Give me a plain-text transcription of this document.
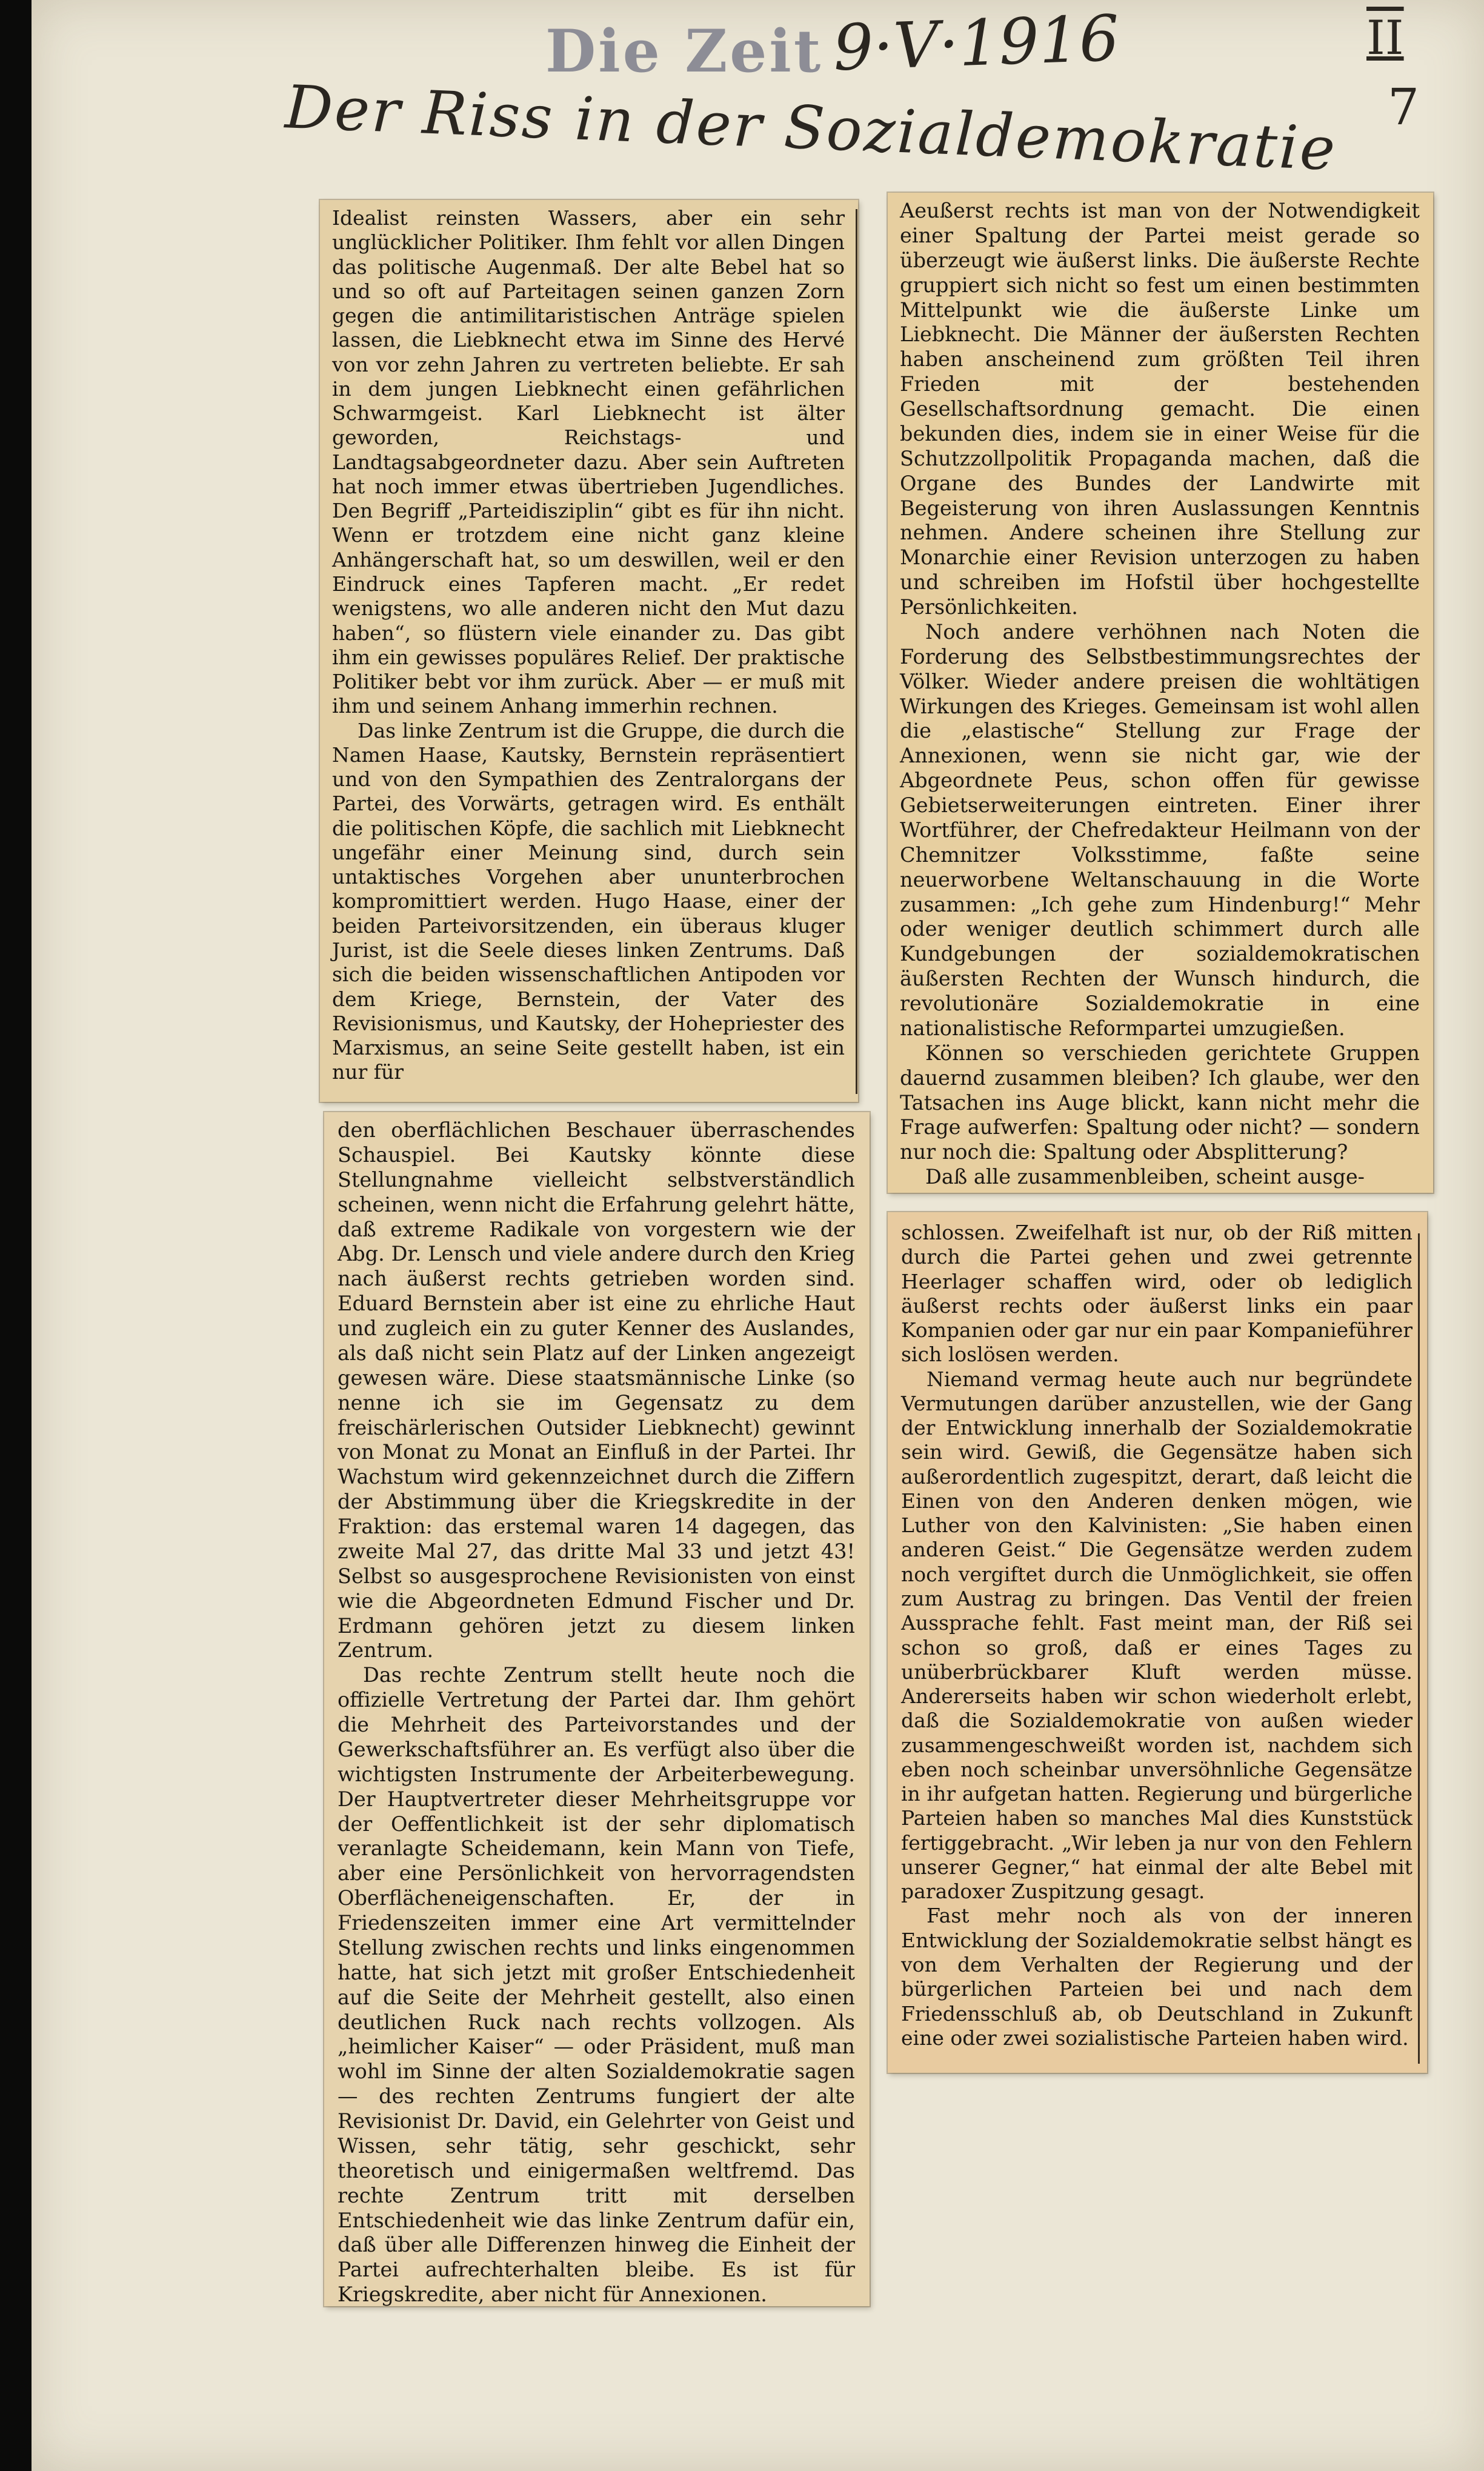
Die Zeit 9·V·1916	II
7
Der Riss in der Sozialdemokratie

Idealist reinsten Wassers, aber ein sehr unglücklicher Politiker. Ihm fehlt vor allen Dingen das politische Augenmaß. Der alte Bebel hat so und so oft auf Parteitagen seinen ganzen Zorn gegen die antimilitaristischen Anträge spielen lassen, die Liebknecht etwa im Sinne des Hervé von vor zehn Jahren zu vertreten beliebte. Er sah in dem jungen Liebknecht einen gefährlichen Schwarmgeist. Karl Liebknecht ist älter geworden, Reichstags- und Landtagsabgeordneter dazu. Aber sein Auftreten hat noch immer etwas übertrieben Jugendliches. Den Begriff „Parteidisziplin“ gibt es für ihn nicht. Wenn er trotzdem eine nicht ganz kleine Anhängerschaft hat, so um deswillen, weil er den Eindruck eines Tapferen macht. „Er redet wenigstens, wo alle anderen nicht den Mut dazu haben“, so flüstern viele einander zu. Das gibt ihm ein gewisses populäres Relief. Der praktische Politiker bebt vor ihm zurück. Aber — er muß mit ihm und seinem Anhang immerhin rechnen.

Das linke Zentrum ist die Gruppe, die durch die Namen Haase, Kautsky, Bernstein repräsentiert und von den Sympathien des Zentralorgans der Partei, des Vorwärts, getragen wird. Es enthält die politischen Köpfe, die sachlich mit Liebknecht ungefähr einer Meinung sind, durch sein untaktisches Vorgehen aber ununterbrochen kompromittiert werden. Hugo Haase, einer der beiden Parteivorsitzenden, ein überaus kluger Jurist, ist die Seele dieses linken Zentrums. Daß sich die beiden wissenschaftlichen Antipoden vor dem Kriege, Bernstein, der Vater des Revisionismus, und Kautsky, der Hohepriester des Marxismus, an seine Seite gestellt haben, ist ein nur für

Aeußerst rechts ist man von der Notwendigkeit einer Spaltung der Partei meist gerade so überzeugt wie äußerst links. Die äußerste Rechte gruppiert sich nicht so fest um einen bestimmten Mittelpunkt wie die äußerste Linke um Liebknecht. Die Männer der äußersten Rechten haben anscheinend zum größten Teil ihren Frieden mit der bestehenden Gesellschaftsordnung gemacht. Die einen bekunden dies, indem sie in einer Weise für die Schutzzollpolitik Propaganda machen, daß die Organe des Bundes der Landwirte mit Begeisterung von ihren Auslassungen Kenntnis nehmen. Andere scheinen ihre Stellung zur Monarchie einer Revision unterzogen zu haben und schreiben im Hofstil über hochgestellte Persönlichkeiten.

Noch andere verhöhnen nach Noten die Forderung des Selbstbestimmungsrechtes der Völker. Wieder andere preisen die wohltätigen Wirkungen des Krieges. Gemeinsam ist wohl allen die „elastische“ Stellung zur Frage der Annexionen, wenn sie nicht gar, wie der Abgeordnete Peus, schon offen für gewisse Gebietserweiterungen eintreten. Einer ihrer Wortführer, der Chefredakteur Heilmann von der Chemnitzer Volksstimme, faßte seine neuerworbene Weltanschauung in die Worte zusammen: „Ich gehe zum Hindenburg!“ Mehr oder weniger deutlich schimmert durch alle Kundgebungen der sozialdemokratischen äußersten Rechten der Wunsch hindurch, die revolutionäre Sozialdemokratie in eine nationalistische Reformpartei umzugießen.

Können so verschieden gerichtete Gruppen dauernd zusammen bleiben? Ich glaube, wer den Tatsachen ins Auge blickt, kann nicht mehr die Frage aufwerfen: Spaltung oder nicht? — sondern nur noch die: Spaltung oder Absplitterung?

Daß alle zusammenbleiben, scheint ausge-

den oberflächlichen Beschauer überraschendes Schauspiel. Bei Kautsky könnte diese Stellungnahme vielleicht selbstverständlich scheinen, wenn nicht die Erfahrung gelehrt hätte, daß extreme Radikale von vorgestern wie der Abg. Dr. Lensch und viele andere durch den Krieg nach äußerst rechts getrieben worden sind. Eduard Bernstein aber ist eine zu ehrliche Haut und zugleich ein zu guter Kenner des Auslandes, als daß nicht sein Platz auf der Linken angezeigt gewesen wäre. Diese staatsmännische Linke (so nenne ich sie im Gegensatz zu dem freischärlerischen Outsider Liebknecht) gewinnt von Monat zu Monat an Einfluß in der Partei. Ihr Wachstum wird gekennzeichnet durch die Ziffern der Abstimmung über die Kriegskredite in der Fraktion: das erstemal waren 14 dagegen, das zweite Mal 27, das dritte Mal 33 und jetzt 43! Selbst so ausgesprochene Revisionisten von einst wie die Abgeordneten Edmund Fischer und Dr. Erdmann gehören jetzt zu diesem linken Zentrum.

Das rechte Zentrum stellt heute noch die offizielle Vertretung der Partei dar. Ihm gehört die Mehrheit des Parteivorstandes und der Gewerkschaftsführer an. Es verfügt also über die wichtigsten Instrumente der Arbeiterbewegung. Der Hauptvertreter dieser Mehrheitsgruppe vor der Oeffentlichkeit ist der sehr diplomatisch veranlagte Scheidemann, kein Mann von Tiefe, aber eine Persönlichkeit von hervorragendsten Oberflächeneigenschaften. Er, der in Friedenszeiten immer eine Art vermittelnder Stellung zwischen rechts und links eingenommen hatte, hat sich jetzt mit großer Entschiedenheit auf die Seite der Mehrheit gestellt, also einen deutlichen Ruck nach rechts vollzogen. Als „heimlicher Kaiser“ — oder Präsident, muß man wohl im Sinne der alten Sozialdemokratie sagen — des rechten Zentrums fungiert der alte Revisionist Dr. David, ein Gelehrter von Geist und Wissen, sehr tätig, sehr geschickt, sehr theoretisch und einigermaßen weltfremd. Das rechte Zentrum tritt mit derselben Entschiedenheit wie das linke Zentrum dafür ein, daß über alle Differenzen hinweg die Einheit der Partei aufrechterhalten bleibe. Es ist für Kriegskredite, aber nicht für Annexionen.

schlossen. Zweifelhaft ist nur, ob der Riß mitten durch die Partei gehen und zwei getrennte Heerlager schaffen wird, oder ob lediglich äußerst rechts oder äußerst links ein paar Kompanien oder gar nur ein paar Kompanieführer sich loslösen werden.

Niemand vermag heute auch nur begründete Vermutungen darüber anzustellen, wie der Gang der Entwicklung innerhalb der Sozialdemokratie sein wird. Gewiß, die Gegensätze haben sich außerordentlich zugespitzt, derart, daß leicht die Einen von den Anderen denken mögen, wie Luther von den Kalvinisten: „Sie haben einen anderen Geist.“ Die Gegensätze werden zudem noch vergiftet durch die Unmöglichkeit, sie offen zum Austrag zu bringen. Das Ventil der freien Aussprache fehlt. Fast meint man, der Riß sei schon so groß, daß er eines Tages zu unüberbrückbarer Kluft werden müsse. Andererseits haben wir schon wiederholt erlebt, daß die Sozialdemokratie von außen wieder zusammengeschweißt worden ist, nachdem sich eben noch scheinbar unversöhnliche Gegensätze in ihr aufgetan hatten. Regierung und bürgerliche Parteien haben so manches Mal dies Kunststück fertiggebracht. „Wir leben ja nur von den Fehlern unserer Gegner,“ hat einmal der alte Bebel mit paradoxer Zuspitzung gesagt.

Fast mehr noch als von der inneren Entwicklung der Sozialdemokratie selbst hängt es von dem Verhalten der Regierung und der bürgerlichen Parteien bei und nach dem Friedensschluß ab, ob Deutschland in Zukunft eine oder zwei sozialistische Parteien haben wird.
